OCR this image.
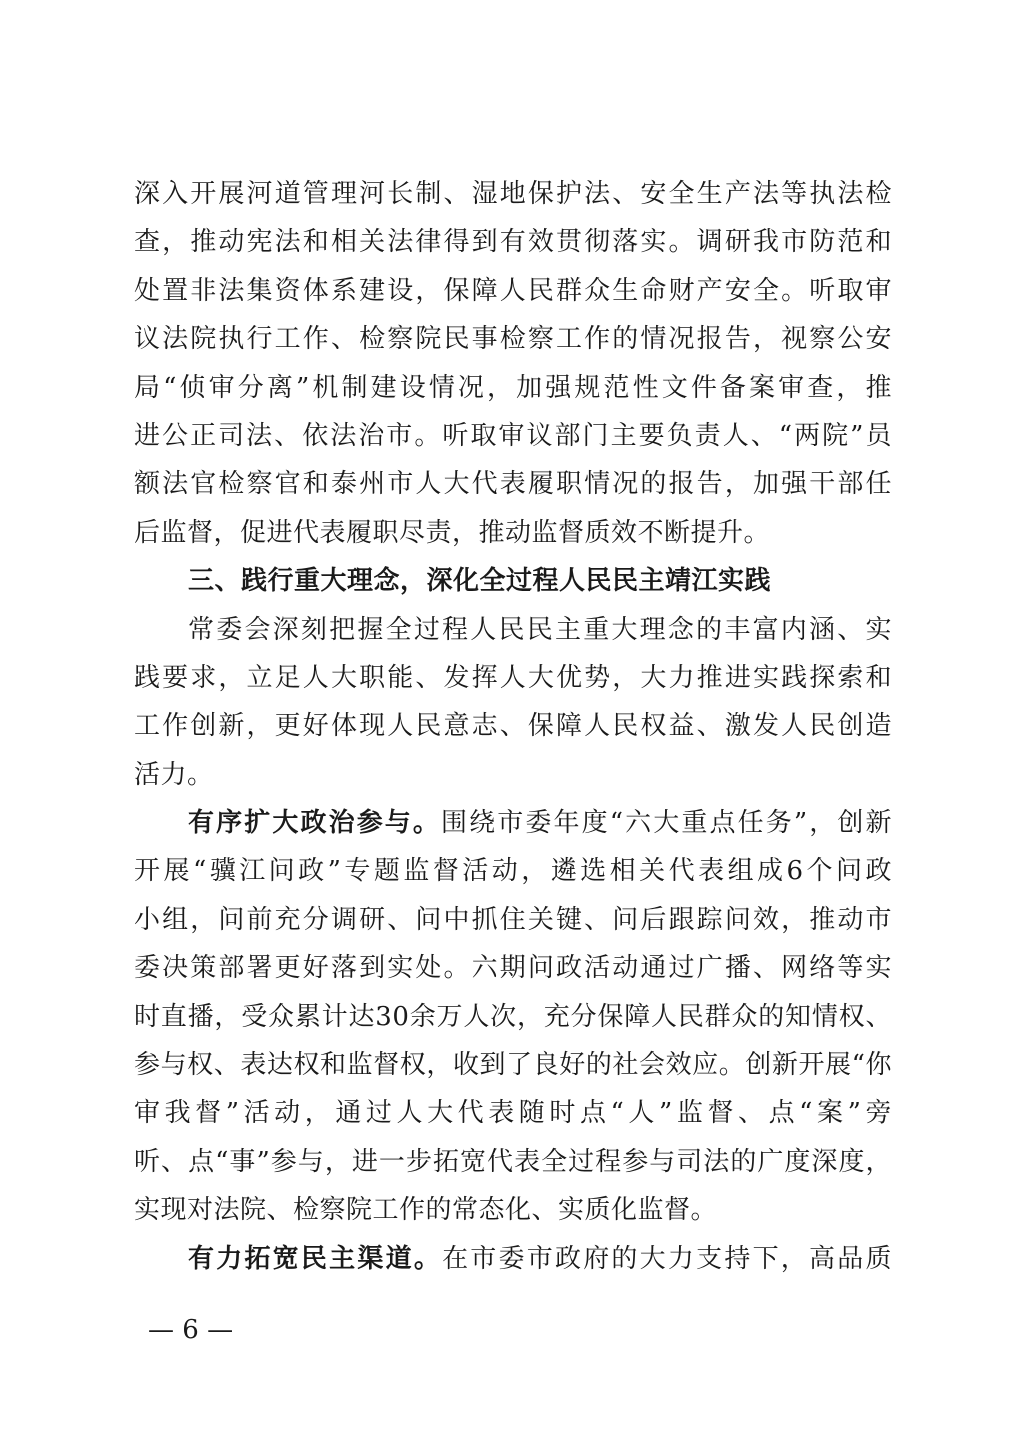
深入开展河道管理河长制、湿地保护法、安全生产法等执法检
查，推动宪法和相关法律得到有效贯彻落实。调研我市防范和
处置非法集资体系建设，保障人民群众生命财产安全。听取审
议法院执行工作、检察院民事检察工作的情况报告，视察公安
局“侦审分离”机制建设情况，加强规范性文件备案审查，推
进公正司法、依法治市。听取审议部门主要负责人、“两院”员
额法官检察官和泰州市人大代表履职情况的报告，加强干部任
后监督，促进代表履职尽责，推动监督质效不断提升。
三、践行重大理念，深化全过程人民民主靖江实践
常委会深刻把握全过程人民民主重大理念的丰富内涵、实
践要求，立足人大职能、发挥人大优势，大力推进实践探索和
工作创新，更好体现人民意志、保障人民权益、激发人民创造
活力。
有序扩大政治参与。围绕市委年度“六大重点任务”，创新
开展“骥江问政”专题监督活动，遴选相关代表组成6个问政
小组，问前充分调研、问中抓住关键、问后跟踪问效，推动市
委决策部署更好落到实处。六期问政活动通过广播、网络等实
时直播，受众累计达30余万人次，充分保障人民群众的知情权、
参与权、表达权和监督权，收到了良好的社会效应。创新开展“你
审我督”活动，通过人大代表随时点“人”监督、点“案”旁
听、点“事”参与，进一步拓宽代表全过程参与司法的广度深度，
实现对法院、检察院工作的常态化、实质化监督。
有力拓宽民主渠道。在市委市政府的大力支持下，高品质
— 6 —
